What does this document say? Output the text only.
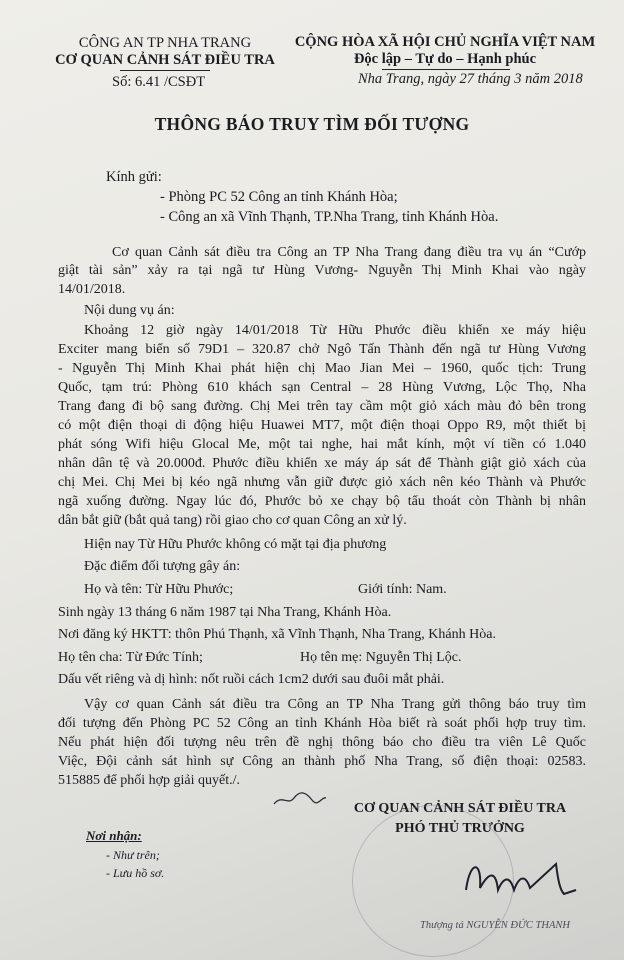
CÔNG AN TP NHA TRANG
CƠ QUAN CẢNH SÁT ĐIỀU TRA
Số: 6.41 /CSĐT
CỘNG HÒA XÃ HỘI CHỦ NGHĨA VIỆT NAM
Độc lập – Tự do – Hạnh phúc
Nha Trang, ngày 27 tháng 3 năm 2018
THÔNG BÁO TRUY TÌM ĐỐI TƯỢNG
Kính gửi:
- Phòng PC 52 Công an tỉnh Khánh Hòa;
- Công an xã Vĩnh Thạnh, TP.Nha Trang, tỉnh Khánh Hòa.
Cơ quan Cảnh sát điều tra Công an TP Nha Trang đang điều tra vụ án “Cướp
giật tài sản” xảy ra tại ngã tư Hùng Vương- Nguyễn Thị Minh Khai vào ngày
14/01/2018.
Nội dung vụ án:
Khoảng 12 giờ ngày 14/01/2018 Từ Hữu Phước điều khiển xe máy hiệu
Exciter mang biển số 79D1 – 320.87 chở Ngô Tấn Thành đến ngã tư Hùng Vương
- Nguyễn Thị Minh Khai phát hiện chị Mao Jian Mei – 1960, quốc tịch: Trung
Quốc, tạm trú: Phòng 610 khách sạn Central – 28 Hùng Vương, Lộc Thọ, Nha
Trang đang đi bộ sang đường. Chị Mei trên tay cầm một giỏ xách màu đỏ bên trong
có một điện thoại di động hiệu Huawei MT7, một điện thoại Oppo R9, một thiết bị
phát sóng Wifi hiệu Glocal Me, một tai nghe, hai mắt kính, một ví tiền có 1.040
nhân dân tệ và 20.000đ. Phước điều khiển xe máy áp sát để Thành giật giỏ xách của
chị Mei. Chị Mei bị kéo ngã nhưng vẫn giữ được giỏ xách nên kéo Thành và Phước
ngã xuống đường. Ngay lúc đó, Phước bỏ xe chạy bộ tẩu thoát còn Thành bị nhân
dân bắt giữ (bắt quả tang) rồi giao cho cơ quan Công an xử lý.
Hiện nay Từ Hữu Phước không có mặt tại địa phương
Đặc điểm đối tượng gây án:
Họ và tên: Từ Hữu Phước;	Giới tính: Nam.
Sinh ngày 13 tháng 6 năm 1987 tại Nha Trang, Khánh Hòa.
Nơi đăng ký HKTT: thôn Phú Thạnh, xã Vĩnh Thạnh, Nha Trang, Khánh Hòa.
Họ tên cha: Từ Đức Tính;	Họ tên mẹ: Nguyễn Thị Lộc.
Dấu vết riêng và dị hình: nốt ruồi cách 1cm2 dưới sau đuôi mắt phải.
Vậy cơ quan Cảnh sát điều tra Công an TP Nha Trang gửi thông báo truy tìm
đối tượng đến Phòng PC 52 Công an tỉnh Khánh Hòa biết rà soát phối hợp truy tìm.
Nếu phát hiện đối tượng nêu trên đề nghị thông báo cho điều tra viên Lê Quốc
Việc, Đội cảnh sát hình sự Công an thành phố Nha Trang, số điện thoại: 02583.
515885 để phối hợp giải quyết./.
Nơi nhận:
- Như trên;
- Lưu hồ sơ.
CƠ QUAN CẢNH SÁT ĐIỀU TRA
PHÓ THỦ TRƯỞNG
Thượng tá NGUYỄN ĐỨC THANH
